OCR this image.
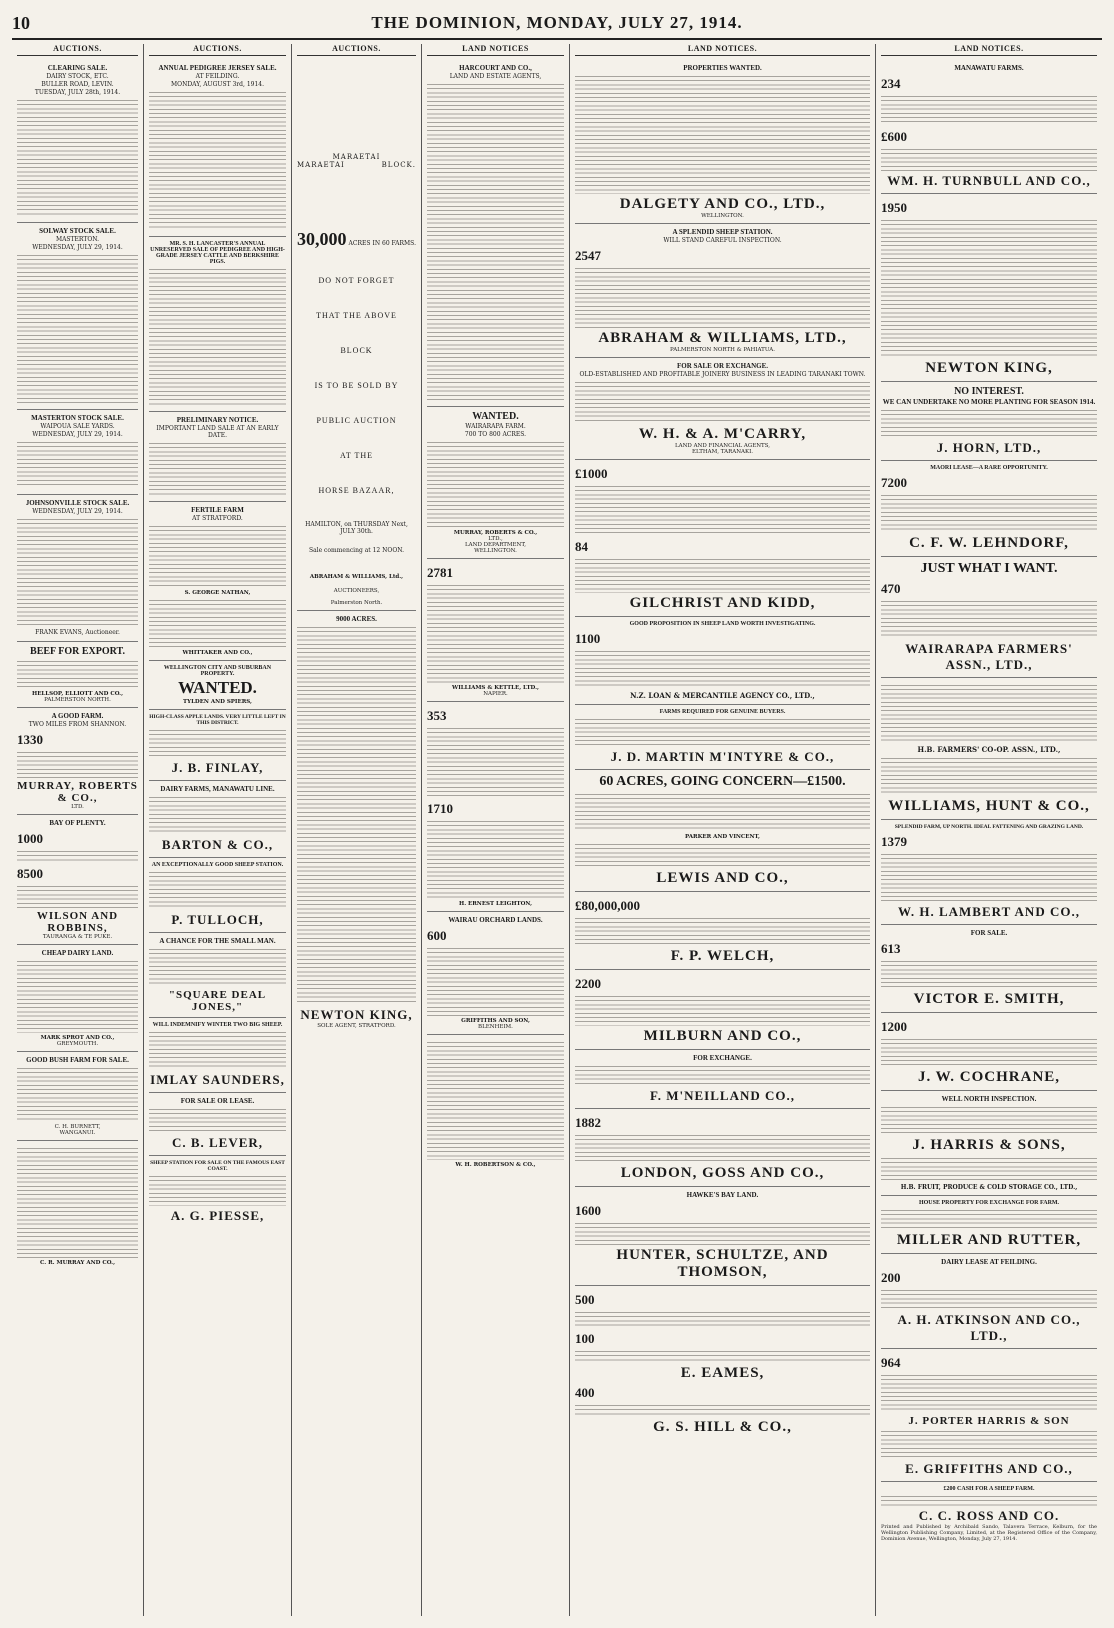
10	THE DOMINION, MONDAY, JULY 27, 1914.
AUCTIONS.
CLEARING SALE.
DAIRY STOCK, ETC.
BULLER ROAD, LEVIN.
TUESDAY, JULY 28th, 1914.
SOLWAY STOCK SALE.
MASTERTON.
WEDNESDAY, JULY 29, 1914.
MASTERTON STOCK SALE.
WAIPOUA SALE YARDS.
WEDNESDAY, JULY 29, 1914.
JOHNSONVILLE STOCK SALE.
WEDNESDAY, JULY 29, 1914.
FRANK EVANS, Auctioneer.
BEEF FOR EXPORT.
HELLSOP, ELLIOTT AND CO.,
PALMERSTON NORTH.
A GOOD FARM.
TWO MILES FROM SHANNON.
1330
MURRAY, ROBERTS & CO.,
LTD.
BAY OF PLENTY.
1000
8500
WILSON AND ROBBINS,
TAURANGA & TE PUKE.
CHEAP DAIRY LAND.
MARK SPROT AND CO.,
GREYMOUTH.
GOOD BUSH FARM FOR SALE.
C. H. BURNETT,
WANGANUI.
C. R. MURRAY AND CO.,
AUCTIONS.
ANNUAL PEDIGREE JERSEY SALE.
AT FEILDING.
MONDAY, AUGUST 3rd, 1914.
MR. S. H. LANCASTER'S ANNUAL UNRESERVED SALE OF PEDIGREE AND HIGH-GRADE JERSEY CATTLE AND BERKSHIRE PIGS.
PRELIMINARY NOTICE.
IMPORTANT LAND SALE AT AN EARLY DATE.
FERTILE FARM
AT STRATFORD.
S. GEORGE NATHAN,
WHITTAKER AND CO.,
WELLINGTON CITY AND SUBURBAN PROPERTY.
WANTED.
TYLDEN AND SPIERS,
HIGH-CLASS APPLE LANDS. VERY LITTLE LEFT IN THIS DISTRICT.
J. B. FINLAY,
DAIRY FARMS, MANAWATU LINE.
BARTON & CO.,
AN EXCEPTIONALLY GOOD SHEEP STATION.
P. TULLOCH,
A CHANCE FOR THE SMALL MAN.
"SQUARE DEAL JONES,"
WILL INDEMNIFY WINTER TWO BIG SHEEP.
IMLAY SAUNDERS,
FOR SALE OR LEASE.
C. B. LEVER,
SHEEP STATION FOR SALE ON THE FAMOUS EAST COAST.
A. G. PIESSE,
AUCTIONS.
MARAETAI
MARAETAI	BLOCK.
30,000 ACRES IN 60 FARMS.
DO NOT FORGET
THAT THE ABOVE
BLOCK
IS TO BE SOLD BY
PUBLIC AUCTION
AT THE
HORSE BAZAAR,
HAMILTON, on THURSDAY Next, JULY 30th.
Sale commencing at 12 NOON.
ABRAHAM & WILLIAMS, Ltd.,
AUCTIONEERS,
Palmerston North.
9000 ACRES.
NEWTON KING,
SOLE AGENT, STRATFORD.
LAND NOTICES
HARCOURT AND CO.,
LAND AND ESTATE AGENTS,
WANTED.
WAIRARAPA FARM.
700 TO 800 ACRES.
MURRAY, ROBERTS & CO.,
LTD.,
LAND DEPARTMENT,
WELLINGTON.
2781
WILLIAMS & KETTLE, LTD.,
NAPIER.
353
1710
H. ERNEST LEIGHTON,
WAIRAU ORCHARD LANDS.
600
GRIFFITHS AND SON,
BLENHEIM.
W. H. ROBERTSON & CO.,
LAND NOTICES.
PROPERTIES WANTED.
DALGETY AND CO., LTD.,
WELLINGTON.
A SPLENDID SHEEP STATION.
WILL STAND CAREFUL INSPECTION.
2547
ABRAHAM & WILLIAMS, LTD.,
PALMERSTON NORTH & PAHIATUA.
FOR SALE OR EXCHANGE.
OLD-ESTABLISHED AND PROFITABLE JOINERY BUSINESS IN LEADING TARANAKI TOWN.
W. H. & A. M'CARRY,
LAND AND FINANCIAL AGENTS,
ELTHAM, TARANAKI.
£1000
84
GILCHRIST AND KIDD,
GOOD PROPOSITION IN SHEEP LAND WORTH INVESTIGATING.
1100
N.Z. LOAN & MERCANTILE AGENCY CO., LTD.,
FARMS REQUIRED FOR GENUINE BUYERS.
J. D. MARTIN M'INTYRE & CO.,
60 ACRES, GOING CONCERN—£1500.
PARKER AND VINCENT,
LEWIS AND CO.,
£80,000,000
F. P. WELCH,
2200
MILBURN AND CO.,
FOR EXCHANGE.
F. M'NEILLAND CO.,
1882
LONDON, GOSS AND CO.,
HAWKE'S BAY LAND.
1600
HUNTER, SCHULTZE, AND THOMSON,
500
100
E. EAMES,
400
G. S. HILL & CO.,
LAND NOTICES.
MANAWATU FARMS.
234
£600
WM. H. TURNBULL AND CO.,
1950
NEWTON KING,
NO INTEREST.
WE CAN UNDERTAKE NO MORE PLANTING FOR SEASON 1914.
J. HORN, LTD.,
MAORI LEASE—A RARE OPPORTUNITY.
7200
C. F. W. LEHNDORF,
JUST WHAT I WANT.
470
WAIRARAPA FARMERS' ASSN., LTD.,
H.B. FARMERS' CO-OP. ASSN., LTD.,
WILLIAMS, HUNT & CO.,
SPLENDID FARM, UP NORTH. IDEAL FATTENING AND GRAZING LAND.
1379
W. H. LAMBERT AND CO.,
FOR SALE.
613
VICTOR E. SMITH,
1200
J. W. COCHRANE,
WELL NORTH INSPECTION.
J. HARRIS & SONS,
H.B. FRUIT, PRODUCE & COLD STORAGE CO., LTD.,
HOUSE PROPERTY FOR EXCHANGE FOR FARM.
MILLER AND RUTTER,
DAIRY LEASE AT FEILDING.
200
A. H. ATKINSON AND CO., LTD.,
964
J. PORTER HARRIS & SON
E. GRIFFITHS AND CO.,
£200 CASH FOR A SHEEP FARM.
C. C. ROSS AND CO.
Printed and Published by Archibald Sando, Talavera Terrace, Kelburn, for the Wellington Publishing Company, Limited, at the Registered Office of the Company, Dominion Avenue, Wellington, Monday, July 27, 1914.
